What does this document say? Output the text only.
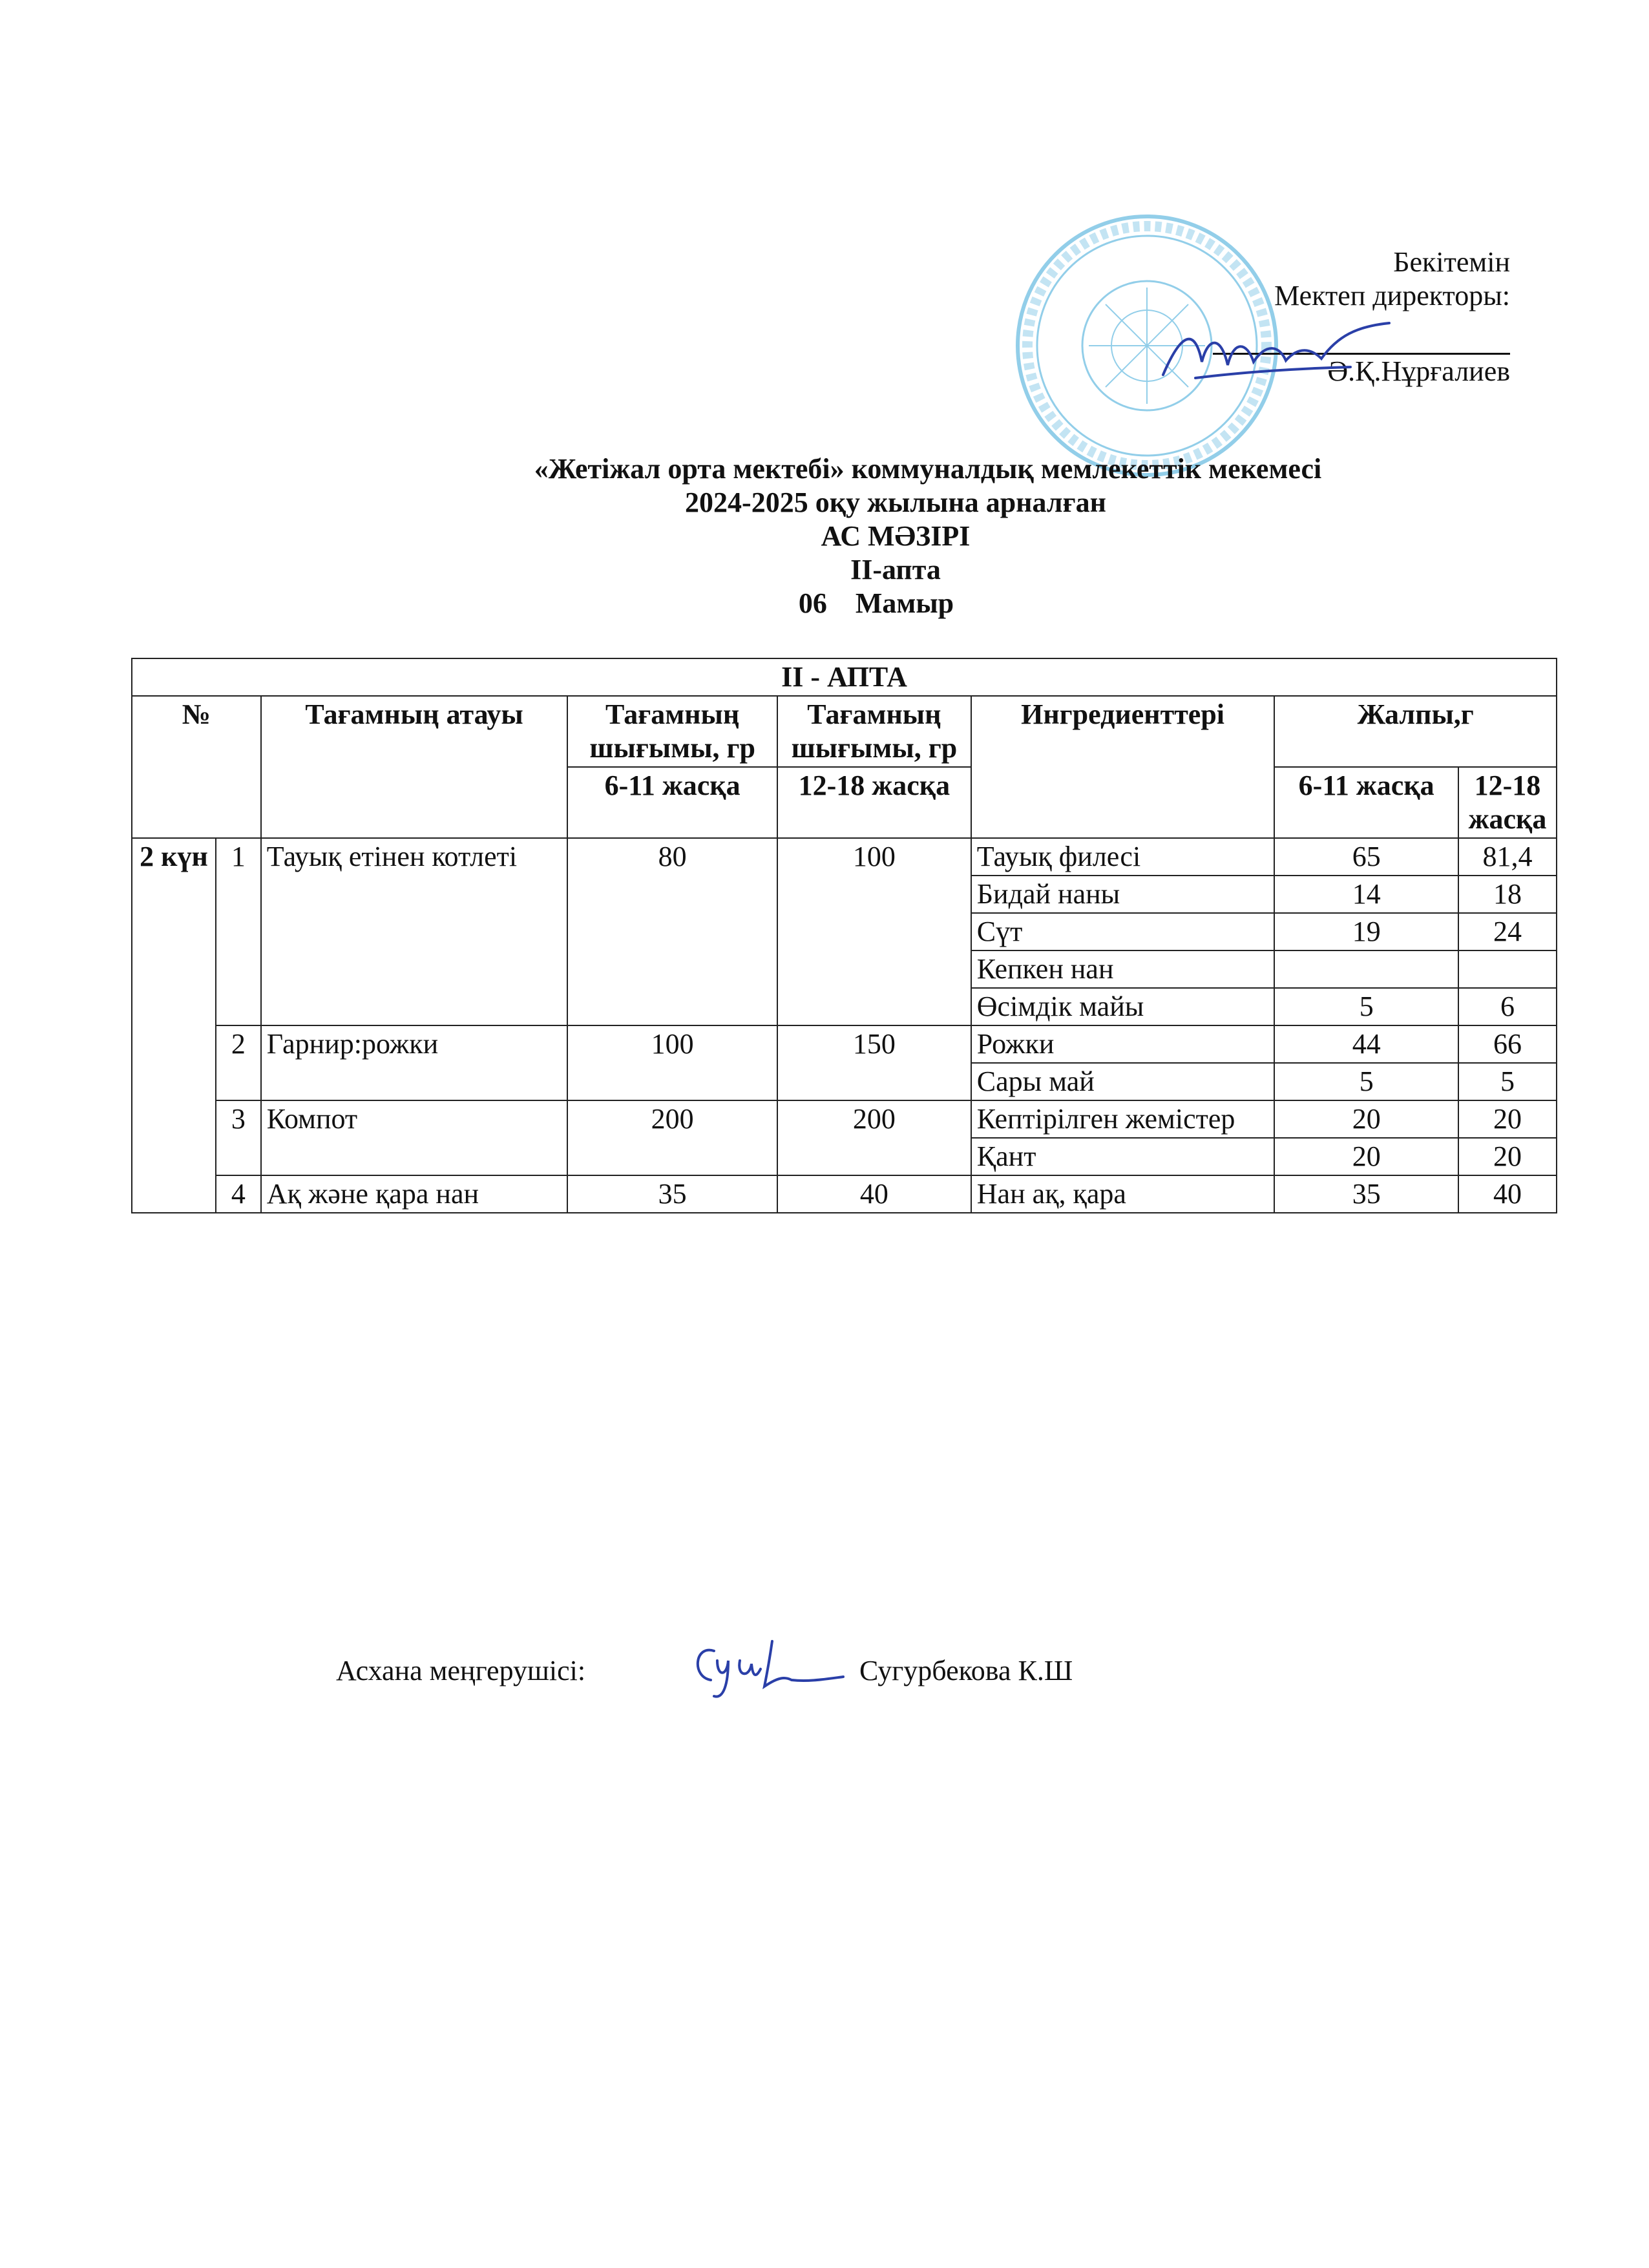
Бекітемін
Мектеп директоры:
Ә.Қ.Нұрғалиев
«Жетіжал орта мектебі» коммуналдық мемлекеттік мекемесі
2024-2025 оқу жылына арналған
АС МӘЗІРІ
ІІ-апта
06    Мамыр
ІІ - АПТА							
№		Тағамның атауы	Тағамның шығымы, гр	Тағамның шығымы, гр	Ингредиенттері	Жалпы,г	
			6-11 жасқа	12-18 жасқа		6-11 жасқа	12-18 жасқа
2 күн	1	Тауық етінен котлеті	80	100	Тауық филесі	65	81,4
					Бидай наны	14	18
					Сүт	19	24
					Кепкен нан		
					Өсімдік майы	5	6
	2	Гарнир:рожки	100	150	Рожки	44	66
					Сары май	5	5
	3	Компот	200	200	Кептірілген жемістер	20	20
					Қант	20	20
	4	Ақ және қара нан	35	40	Нан ақ, қара	35	40
Асхана меңгерушісі:	Сугурбекова К.Ш
